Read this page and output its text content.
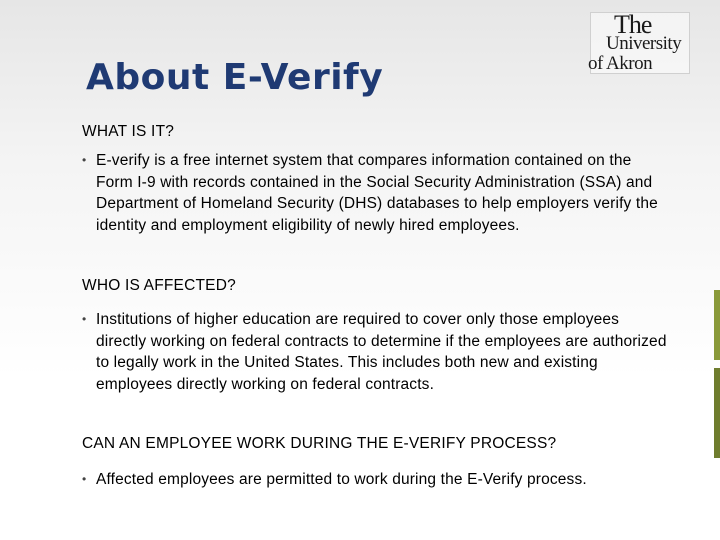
The
University
of Akron
About E-Verify
WHAT IS IT?
• E-verify is a free internet system that compares information contained on the Form I-9 with records contained in the Social Security Administration (SSA) and Department of Homeland Security (DHS) databases to help employers verify the identity and employment eligibility of newly hired employees.
WHO IS AFFECTED?
• Institutions of higher education are required to cover only those employees directly working on federal contracts to determine if the employees are authorized to legally work in the United States. This includes both new and existing employees directly working on federal contracts.
CAN AN EMPLOYEE WORK DURING THE E-VERIFY PROCESS?
• Affected employees are permitted to work during the E-Verify process.
